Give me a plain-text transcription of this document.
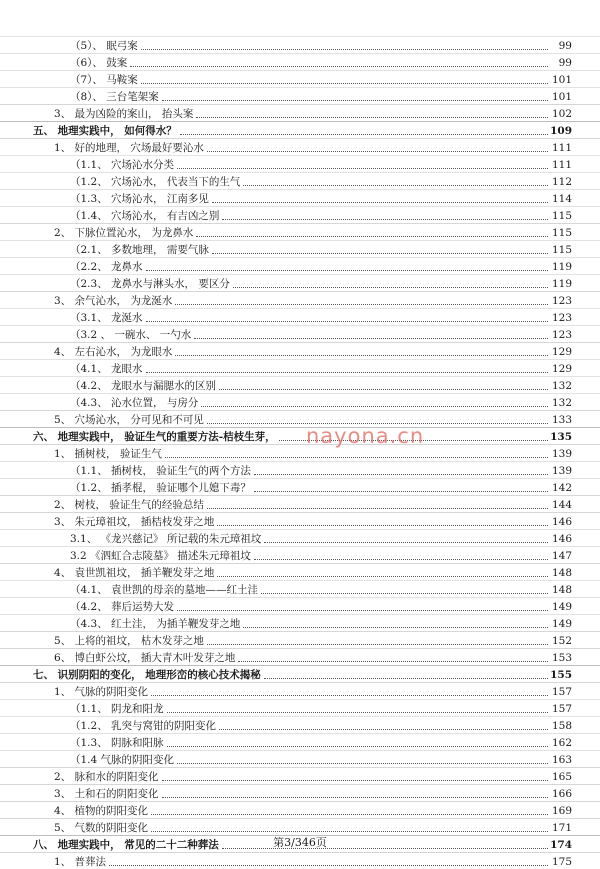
（5）、 眠弓案	99
（6）、 鼓案	99
（7）、 马鞍案	101
（8）、 三台笔架案	101
3、 最为凶险的案山， 抬头案	102
五、 地理实践中， 如何得水？	109
1、 好的地理， 穴场最好要沁水	111
（1.1、 穴场沁水分类	111
（1.2、 穴场沁水， 代表当下的生气	112
（1.3、 穴场沁水， 江南多见	114
（1.4、 穴场沁水， 有吉凶之别	115
2、 下脉位置沁水， 为龙鼻水	115
（2.1、 多数地理， 需要气脉	115
（2.2、 龙鼻水	119
（2.3、 龙鼻水与淋头水， 要区分	119
3、 余气沁水， 为龙涎水	123
（3.1、 龙涎水	123
（3.2 、 一碗水、 一勺水	123
4、 左右沁水， 为龙眼水	129
（4.1、 龙眼水	129
（4.2、 龙眼水与漏腮水的区别	132
（4.3、 沁水位置， 与房分	132
5、 穴场沁水， 分可见和不可见	133
六、 地理实践中， 验证生气的重要方法-桔枝生芽，	135
1、 插树枝， 验证生气	139
（1.1、 插树枝， 验证生气的两个方法	139
（1.2、 插孝棍， 验证哪个儿媳下毒？	142
2、 树枝， 验证生气的经验总结	144
3、 朱元璋祖坟， 插桔枝发芽之地	146
3.1、 《龙兴慈记》 所记载的朱元璋祖坟	146
3.2 《泗虹合志陵墓》 描述朱元璋祖坟	147
4、 袁世凯祖坟， 插羊鞭发芽之地	148
（4.1、 袁世凯的母亲的墓地——红土洼	148
（4.2、 葬后运势大发	149
（4.3、 红土洼， 为插羊鞭发芽之地	149
5、 上将的祖坟， 枯木发芽之地	152
6、 博白虾公坟， 插大青木叶发芽之地	153
七、 识别阴阳的变化， 地理形峦的核心技术揭秘	155
1、 气脉的阴阳变化	157
（1.1、 阴龙和阳龙	157
（1.2、 乳突与窝钳的阴阳变化	158
（1.3、 阴脉和阳脉	162
（1.4 气脉的阴阳变化	163
2、 脉和水的阴阳变化	165
3、 土和石的阴阳变化	166
4、 植物的阴阳变化	169
5、 气数的阴阳变化	171
八、 地理实践中， 常见的二十二种葬法	174
1、 普葬法	175
nayona.cn
第3/346页
